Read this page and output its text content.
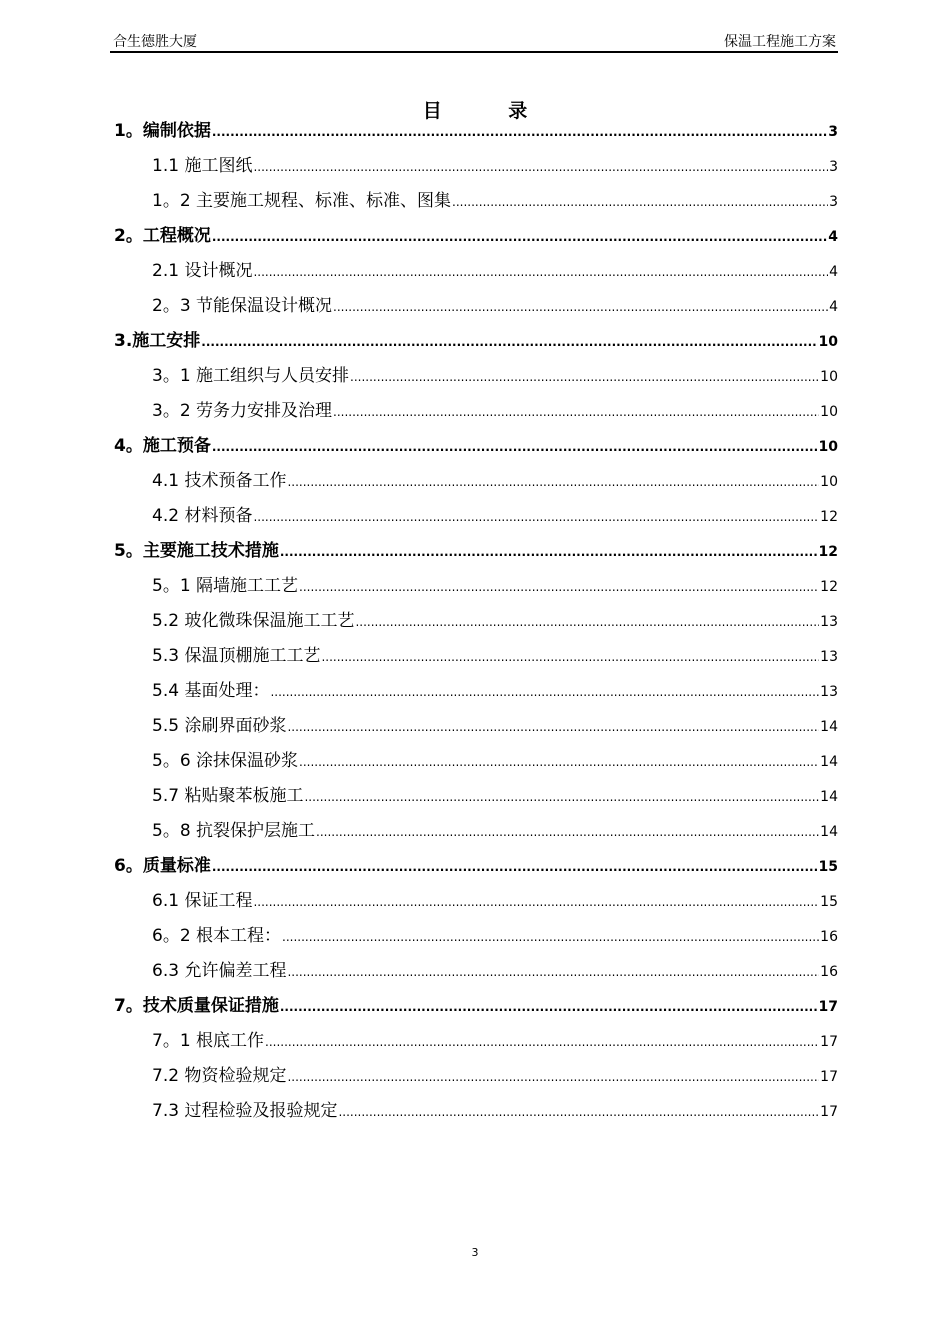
合生德胜大厦	保温工程施工方案
目 录
1。编制依据 .....	3
1.1 施工图纸 .....	3
1。2 主要施工规程、标准、标准、图集 .....	3
2。工程概况 .....	4
2.1 设计概况 .....	4
2。3 节能保温设计概况 .....	4
3.施工安排 .....	10
3。1 施工组织与人员安排 .....	10
3。2 劳务力安排及治理 .....	10
4。施工预备 .....	10
4.1 技术预备工作 .....	10
4.2 材料预备 .....	12
5。主要施工技术措施 .....	12
5。1 隔墙施工工艺 .....	12
5.2 玻化微珠保温施工工艺 .....	13
5.3 保温顶棚施工工艺 .....	13
5.4 基面处理： .....	13
5.5 涂刷界面砂浆 .....	14
5。6 涂抹保温砂浆 .....	14
5.7 粘贴聚苯板施工 .....	14
5。8 抗裂保护层施工 .....	14
6。质量标准 .....	15
6.1 保证工程 .....	15
6。2 根本工程： .....	16
6.3 允许偏差工程 .....	16
7。技术质量保证措施 .....	17
7。1 根底工作 .....	17
7.2 物资检验规定 .....	17
7.3 过程检验及报验规定 .....	17
3
